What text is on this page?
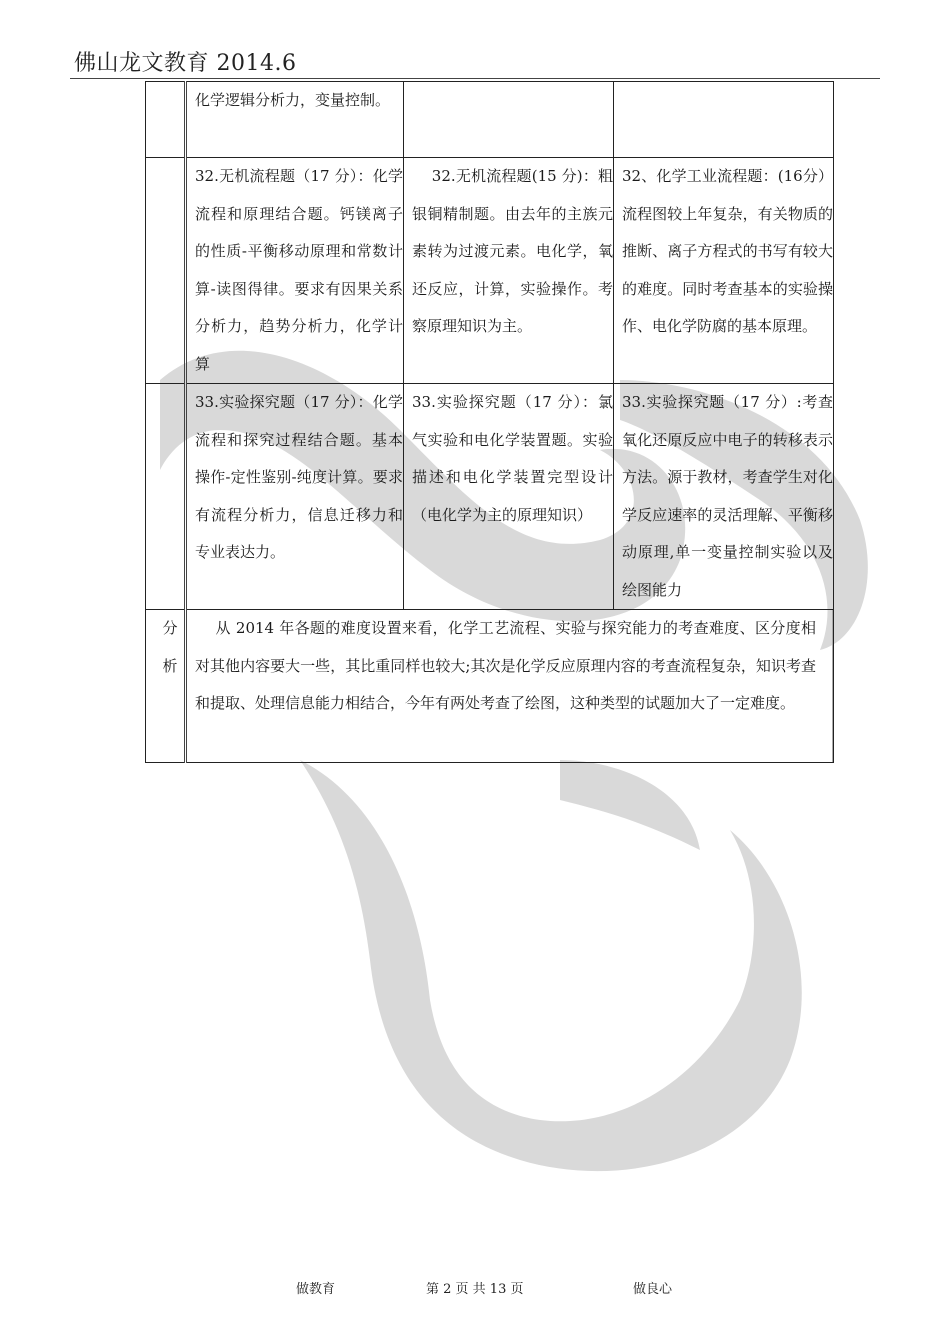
佛山龙文教育 2014.6

	化学逻辑分析力，变量控制。		

	32.无机流程题（17 分）：化学流程和原理结合题。钙镁离子的性质-平衡移动原理和常数计算-读图得律。要求有因果关系分析力，趋势分析力，化学计算	32.无机流程题(15 分)：粗银铜精制题。由去年的主族元素转为过渡元素。电化学，氧还反应，计算，实验操作。考察原理知识为主。	32、化学工业流程题：(16分）流程图较上年复杂，有关物质的推断、离子方程式的书写有较大的难度。同时考查基本的实验操作、电化学防腐的基本原理。

	33.实验探究题（17 分）：化学流程和探究过程结合题。基本操作-定性鉴别-纯度计算。要求有流程分析力，信息迁移力和专业表达力。	33.实验探究题（17 分）：氯气实验和电化学装置题。实验描述和电化学装置完型设计（电化学为主的原理知识）	33.实验探究题（17 分）:考查氧化还原反应中电子的转移表示方法。源于教材，考查学生对化学反应速率的灵活理解、平衡移动原理,单一变量控制实验以及绘图能力

分
析	从 2014 年各题的难度设置来看，化学工艺流程、实验与探究能力的考查难度、区分度相对其他内容要大一些，其比重同样也较大;其次是化学反应原理内容的考查流程复杂，知识考查和提取、处理信息能力相结合，今年有两处考查了绘图，这种类型的试题加大了一定难度。		
做教育	第 2 页 共 13 页	做良心
